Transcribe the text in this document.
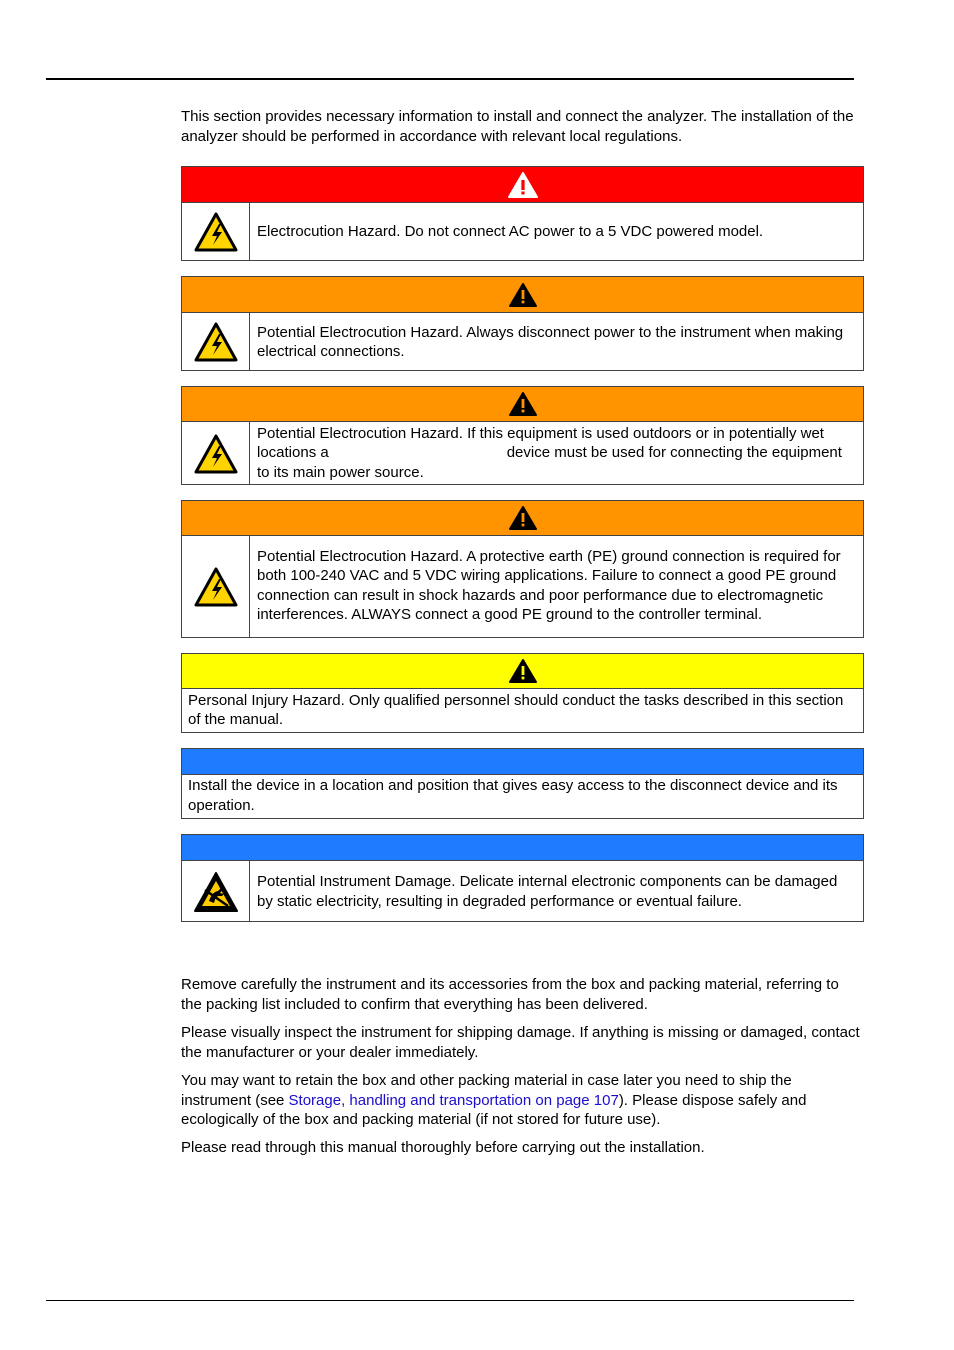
This section provides necessary information to install and connect the analyzer. The installation of the analyzer should be performed in accordance with relevant local regulations.

Electrocution Hazard. Do not connect AC power to a 5 VDC powered model.
Potential Electrocution Hazard. Always disconnect power to the instrument when making electrical connections.
Potential Electrocution Hazard. If this equipment is used outdoors or in potentially wet locations a	device must be used for connecting the equipment to its main power source.
Potential Electrocution Hazard. A protective earth (PE) ground connection is required for both 100-240 VAC and 5 VDC wiring applications. Failure to connect a good PE ground connection can result in shock hazards and poor performance due to electromagnetic interferences. ALWAYS connect a good PE ground to the controller terminal.
Personal Injury Hazard. Only qualified personnel should conduct the tasks described in this section of the manual.
Install the device in a location and position that gives easy access to the disconnect device and its operation.
Potential Instrument Damage. Delicate internal electronic components can be damaged by static electricity, resulting in degraded performance or eventual failure.

Remove carefully the instrument and its accessories from the box and packing material, referring to the packing list included to confirm that everything has been delivered.

Please visually inspect the instrument for shipping damage. If anything is missing or damaged, contact the manufacturer or your dealer immediately.

You may want to retain the box and other packing material in case later you need to ship the instrument (see Storage, handling and transportation on page 107). Please dispose safely and ecologically of the box and packing material (if not stored for future use).

Please read through this manual thoroughly before carrying out the installation.
